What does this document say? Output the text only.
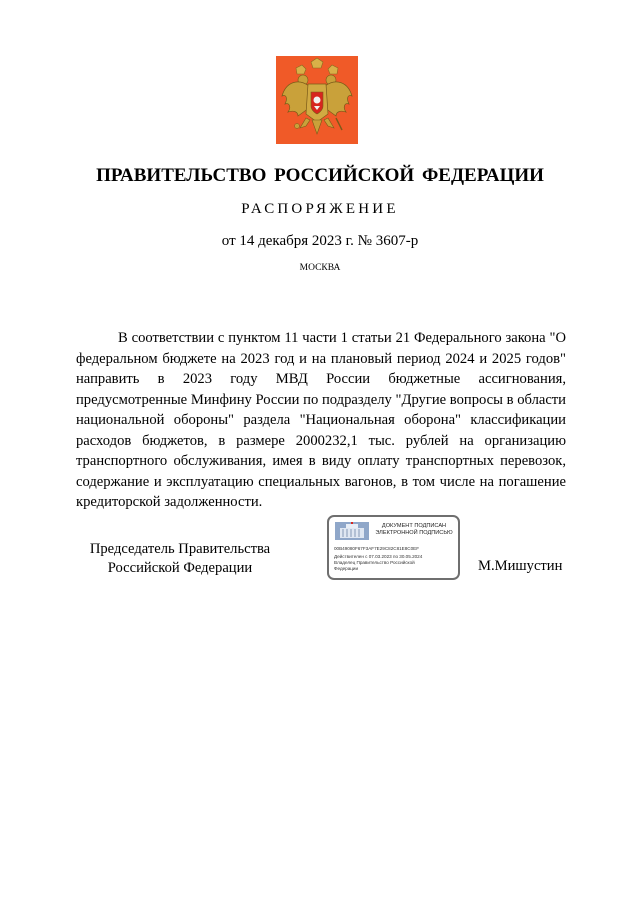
ПРАВИТЕЛЬСТВО РОССИЙСКОЙ ФЕДЕРАЦИИ
РАСПОРЯЖЕНИЕ
от 14 декабря 2023 г. № 3607-р
МОСКВА

В соответствии с пунктом 11 части 1 статьи 21 Федерального закона "О федеральном бюджете на 2023 год и на плановый период 2024 и 2025 годов" направить в 2023 году МВД России бюджетные ассигнования, предусмотренные Минфину России по подразделу "Другие вопросы в области национальной обороны" раздела "Национальная оборона" классификации расходов бюджетов, в размере 2000232,1 тыс. рублей на организацию транспортного обслуживания, имея в виду оплату транспортных перевозок, содержание и эксплуатацию специальных вагонов, в том числе на погашение кредиторской задолженности.

Председатель Правительства
Российской Федерации
ДОКУМЕНТ ПОДПИСАН
ЭЛЕКТРОННОЙ ПОДПИСЬЮ
00B49080F67F3AF7E29C82C81E8C0EF
Действителен с 07.03.2023 по 30.05.2024
Владелец Правительство Российской
Федерации	М.Мишустин
